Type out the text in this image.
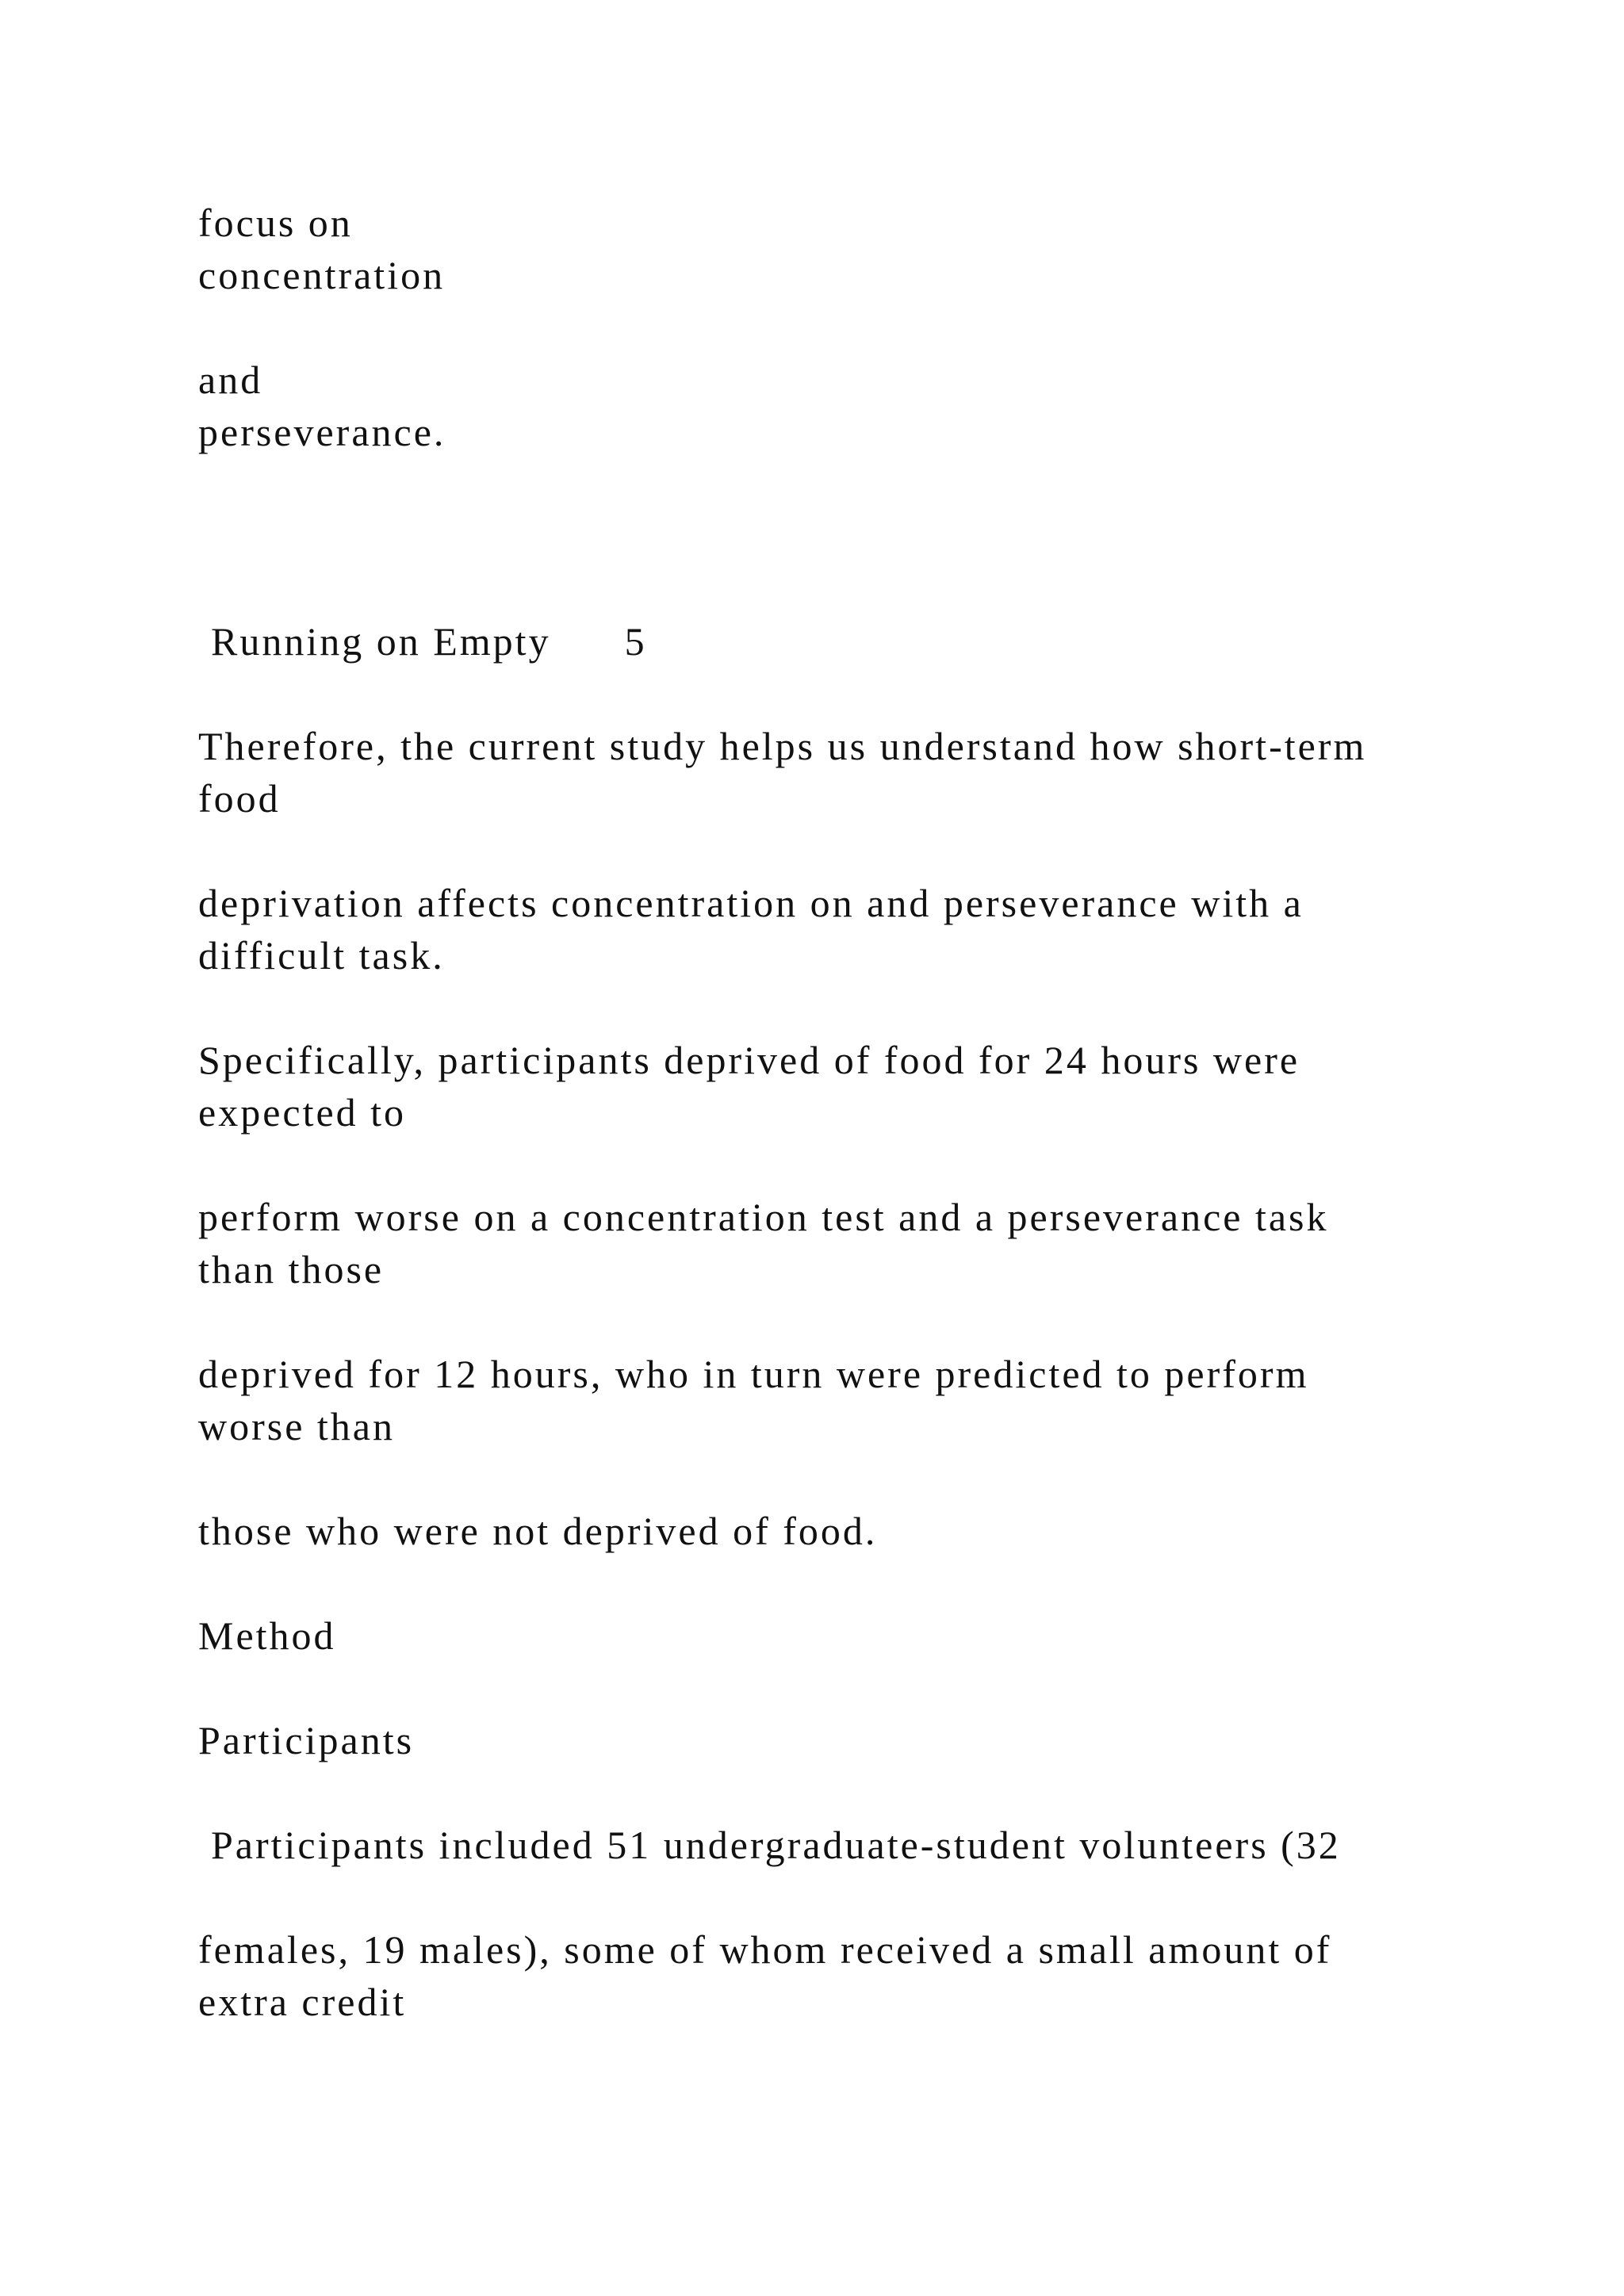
focus on

concentration

and

perseverance.

Running on Empty      5

Therefore, the current study helps us understand how short-term

food

deprivation affects concentration on and perseverance with a

difficult task.

Specifically, participants deprived of food for 24 hours were

expected to

perform worse on a concentration test and a perseverance task

than those

deprived for 12 hours, who in turn were predicted to perform

worse than

those who were not deprived of food.

Method

Participants

Participants included 51 undergraduate-student volunteers (32

females, 19 males), some of whom received a small amount of

extra credit
